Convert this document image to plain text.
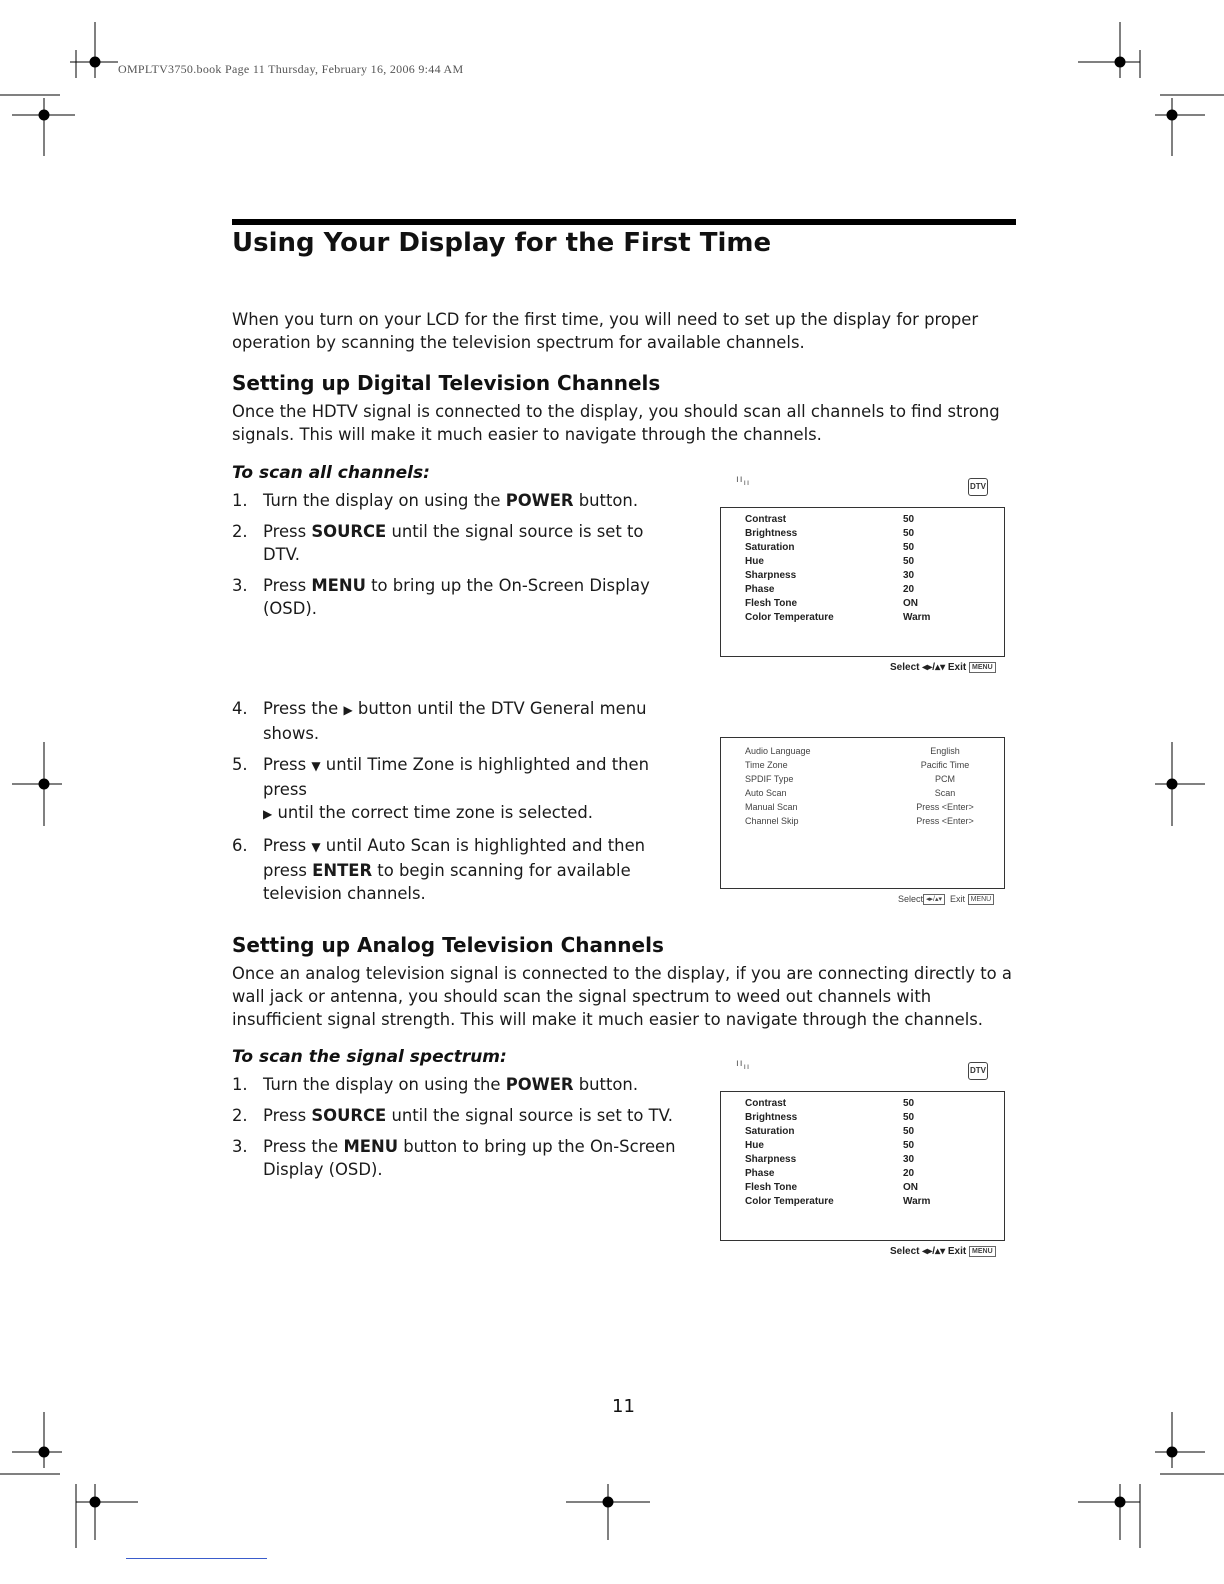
OMPLTV3750.book Page 11 Thursday, February 16, 2006 9:44 AM
Using Your Display for the First Time
When you turn on your LCD for the first time, you will need to set up the display for proper operation by scanning the television spectrum for available channels.
Setting up Digital Television Channels
Once the HDTV signal is connected to the display, you should scan all channels to find strong signals. This will make it much easier to navigate through the channels.
To scan all channels:
1. Turn the display on using the POWER button.
2. Press SOURCE until the signal source is set to DTV.
3. Press MENU to bring up the On-Screen Display (OSD).
$ıı_{ıı}$	DTV
Contrast	50
Brightness	50
Saturation	50
Hue	50
Sharpness	30
Phase	20
Flesh Tone	ON
Color Temperature	Warm
Select ◂▸/▴▾ Exit MENU
4. Press the ▶ button until the DTV General menu shows.
5. Press ▼ until Time Zone is highlighted and then press
▶ until the correct time zone is selected.
6. Press ▼ until Auto Scan is highlighted and then press ENTER to begin scanning for available television channels.
Audio Language	English
Time Zone	Pacific Time
SPDIF Type	PCM
Auto Scan	Scan
Manual Scan	Press <Enter>
Channel Skip	Press <Enter>
Select ◂▸/▴▾ Exit MENU
Setting up Analog Television Channels
Once an analog television signal is connected to the display, if you are connecting directly to a wall jack or antenna, you should scan the signal spectrum to weed out channels with insufficient signal strength. This will make it much easier to navigate through the channels.
To scan the signal spectrum:
1. Turn the display on using the POWER button.
2. Press SOURCE until the signal source is set to TV.
3. Press the MENU button to bring up the On-Screen Display (OSD).
$ıı_{ıı}$	DTV
Contrast	50
Brightness	50
Saturation	50
Hue	50
Sharpness	30
Phase	20
Flesh Tone	ON
Color Temperature	Warm
Select ◂▸/▴▾ Exit MENU
11
